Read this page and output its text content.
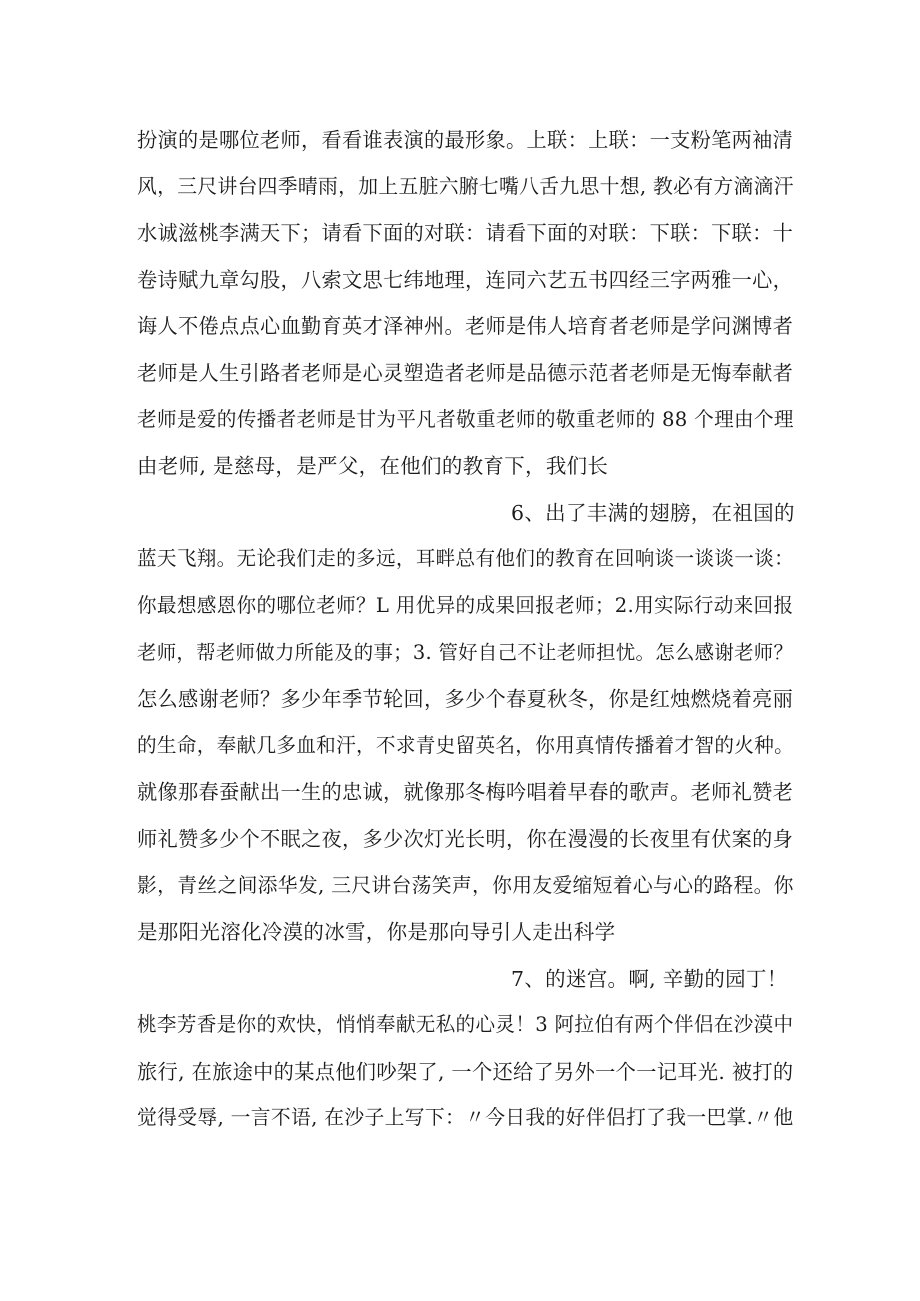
扮演的是哪位老师，看看谁表演的最形象。上联：上联：一支粉笔两袖清
风，三尺讲台四季晴雨，加上五脏六腑七嘴八舌九思十想, 教必有方滴滴汗
水诚滋桃李满天下；请看下面的对联：请看下面的对联：下联：下联：十
卷诗赋九章勾股，八索文思七纬地理，连同六艺五书四经三字两雅一心，
诲人不倦点点心血勤育英才泽神州。老师是伟人培育者老师是学问渊博者
老师是人生引路者老师是心灵塑造者老师是品德示范者老师是无悔奉献者
老师是爱的传播者老师是甘为平凡者敬重老师的敬重老师的 88 个理由个理
由老师, 是慈母，是严父，在他们的教育下，我们长
6、出了丰满的翅膀，在祖国的
蓝天飞翔。无论我们走的多远，耳畔总有他们的教育在回响谈一谈谈一谈：
你最想感恩你的哪位老师？L 用优异的成果回报老师；2.用实际行动来回报
老师，帮老师做力所能及的事；3. 管好自己不让老师担忧。怎么感谢老师？
怎么感谢老师？多少年季节轮回，多少个春夏秋冬，你是红烛燃烧着亮丽
的生命，奉献几多血和汗，不求青史留英名，你用真情传播着才智的火种。
就像那春蚕献出一生的忠诚，就像那冬梅吟唱着早春的歌声。老师礼赞老
师礼赞多少个不眠之夜，多少次灯光长明，你在漫漫的长夜里有伏案的身
影，青丝之间添华发, 三尺讲台荡笑声，你用友爱缩短着心与心的路程。你
是那阳光溶化冷漠的冰雪，你是那向导引人走出科学
7、的迷宫。啊, 辛勤的园丁！
桃李芳香是你的欢快，悄悄奉献无私的心灵！3 阿拉伯有两个伴侣在沙漠中
旅行, 在旅途中的某点他们吵架了, 一个还给了另外一个一记耳光. 被打的
觉得受辱, 一言不语, 在沙子上写下：〃今日我的好伴侣打了我一巴掌.〃他
